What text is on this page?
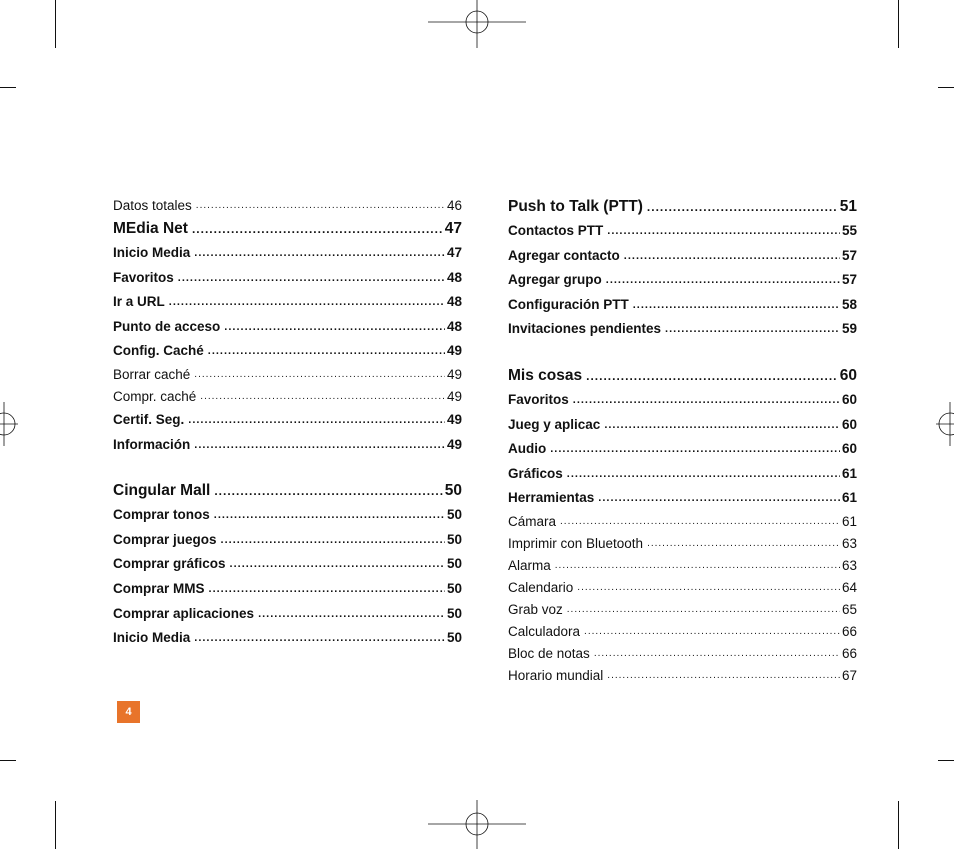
Datos totales .....	46
MEdia Net .....	47
Inicio Media .....	47
Favoritos .....	48
Ir a URL .....	48
Punto de acceso .....	48
Config. Caché .....	49
Borrar caché .....	49
Compr. caché .....	49
Certif. Seg. .....	49
Información .....	49
Cingular Mall .....	50
Comprar tonos .....	50
Comprar juegos .....	50
Comprar gráficos .....	50
Comprar MMS .....	50
Comprar aplicaciones .....	50
Inicio Media .....	50
Push to Talk (PTT) .....	51
Contactos PTT .....	55
Agregar contacto .....	57
Agregar grupo .....	57
Configuración PTT .....	58
Invitaciones pendientes .....	59
Mis cosas .....	60
Favoritos .....	60
Jueg y aplicac .....	60
Audio .....	60
Gráficos .....	61
Herramientas .....	61
Cámara .....	61
Imprimir con Bluetooth .....	63
Alarma .....	63
Calendario .....	64
Grab voz .....	65
Calculadora .....	66
Bloc de notas .....	66
Horario mundial .....	67
4
